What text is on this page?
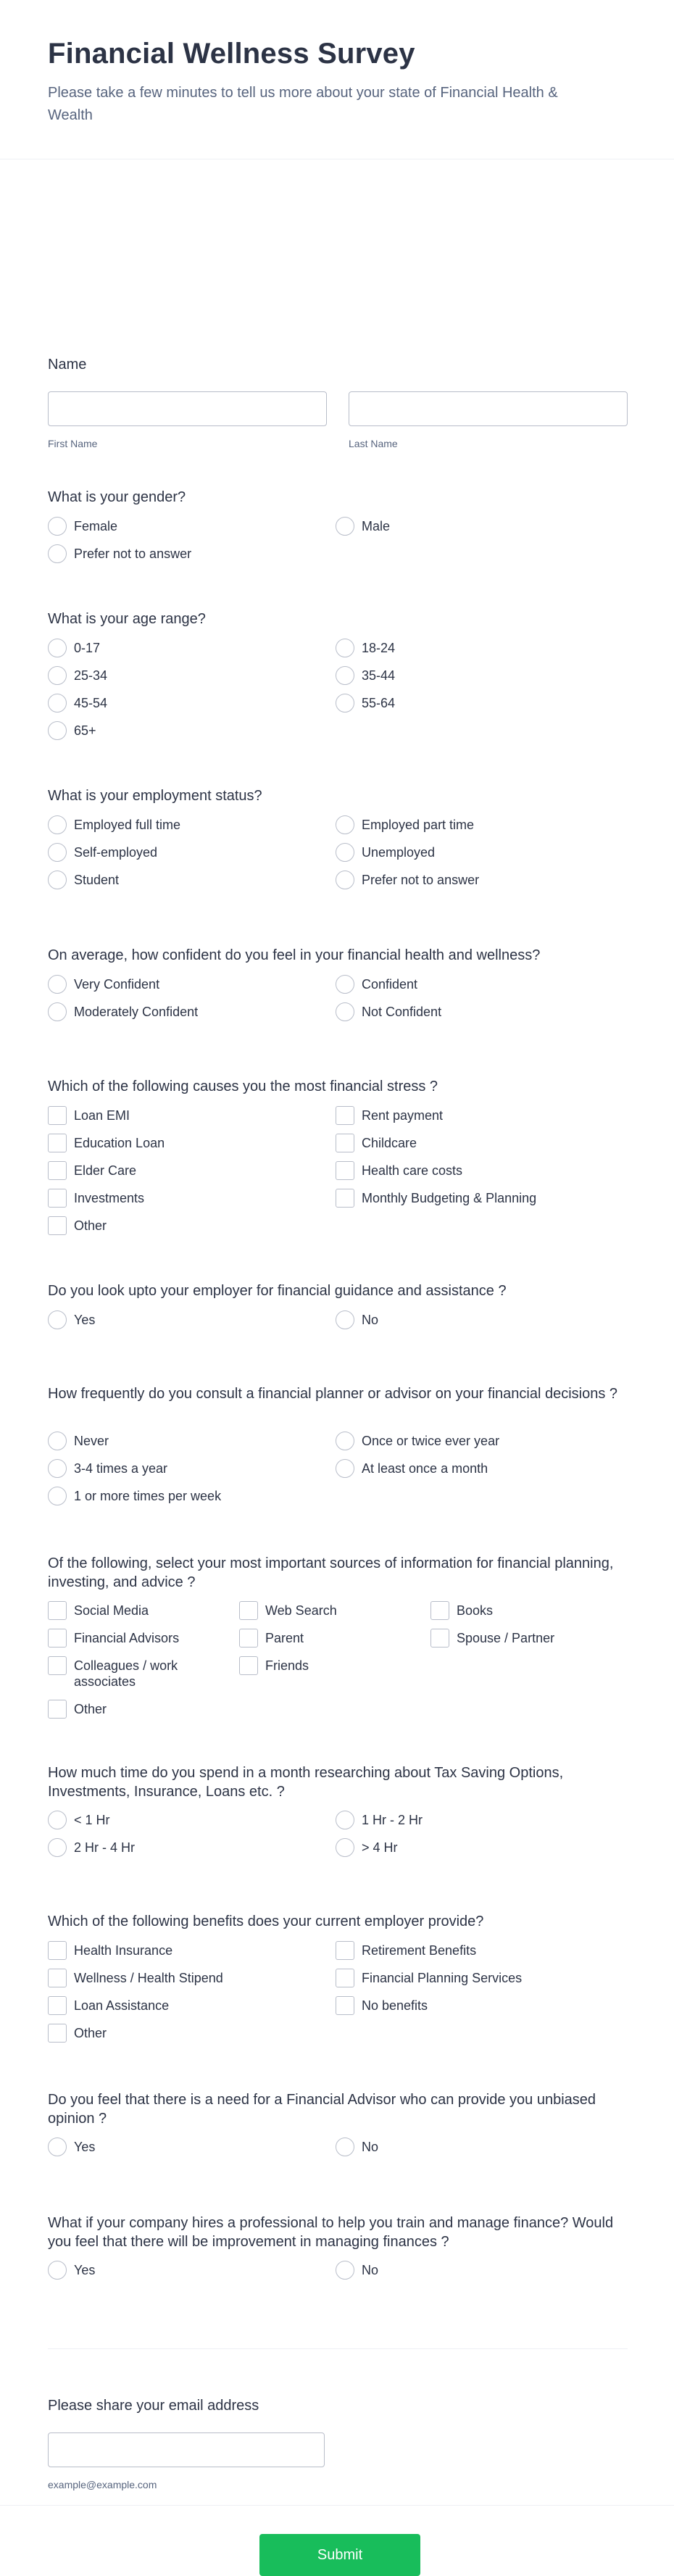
Financial Wellness Survey

Please take a few minutes to tell us more about your state of Financial Health & Wealth

Name
First Name	Last Name
What is your gender?
Female	Male
Prefer not to answer
What is your age range?
0-17	18-24
25-34	35-44
45-54	55-64
65+
What is your employment status?
Employed full time	Employed part time
Self-employed	Unemployed
Student	Prefer not to answer
On average, how confident do you feel in your financial health and wellness?
Very Confident	Confident
Moderately Confident	Not Confident
Which of the following causes you the most financial stress ?
Loan EMI	Rent payment
Education Loan	Childcare
Elder Care	Health care costs
Investments	Monthly Budgeting & Planning
Other
Do you look upto your employer for financial guidance and assistance ?
Yes	No
How frequently do you consult a financial planner or advisor on your financial decisions ?
Never	Once or twice ever year
3-4 times a year	At least once a month
1 or more times per week
Of the following, select your most important sources of information for financial planning, investing, and advice ?
Social Media	Web Search	Books
Financial Advisors	Parent	Spouse / Partner
Colleagues / work associates
Friends
Other
How much time do you spend in a month researching about Tax Saving Options, Investments, Insurance, Loans etc. ?
< 1 Hr	1 Hr - 2 Hr
2 Hr - 4 Hr	> 4 Hr
Which of the following benefits does your current employer provide?
Health Insurance	Retirement Benefits
Wellness / Health Stipend	Financial Planning Services
Loan Assistance	No benefits
Other
Do you feel that there is a need for a Financial Advisor who can provide you unbiased opinion ?
Yes	No
What if your company hires a professional to help you train and manage finance? Would you feel that there will be improvement in managing finances ?
Yes	No
Please share your email address
example@example.com
Submit
